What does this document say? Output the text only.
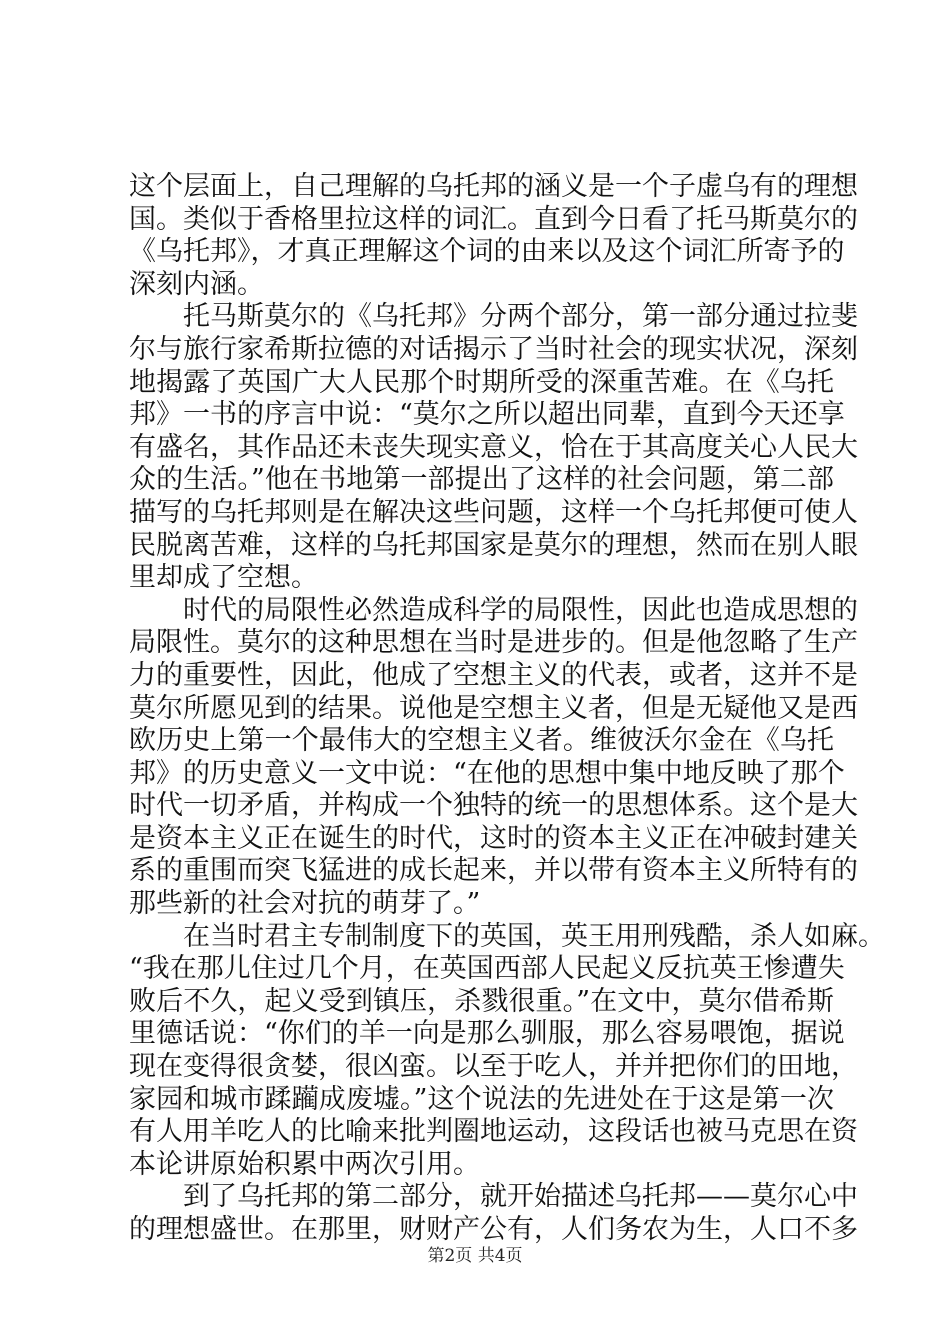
这个层面上，自己理解的乌托邦的涵义是一个子虚乌有的理想
国。类似于香格里拉这样的词汇。直到今日看了托马斯莫尔的
《乌托邦》，才真正理解这个词的由来以及这个词汇所寄予的
深刻内涵。
托马斯莫尔的《乌托邦》分两个部分，第一部分通过拉斐
尔与旅行家希斯拉德的对话揭示了当时社会的现实状况，深刻
地揭露了英国广大人民那个时期所受的深重苦难。在《乌托
邦》一书的序言中说：“莫尔之所以超出同辈，直到今天还享
有盛名，其作品还未丧失现实意义，恰在于其高度关心人民大
众的生活。”他在书地第一部提出了这样的社会问题，第二部
描写的乌托邦则是在解决这些问题，这样一个乌托邦便可使人
民脱离苦难，这样的乌托邦国家是莫尔的理想，然而在别人眼
里却成了空想。
时代的局限性必然造成科学的局限性，因此也造成思想的
局限性。莫尔的这种思想在当时是进步的。但是他忽略了生产
力的重要性，因此，他成了空想主义的代表，或者，这并不是
莫尔所愿见到的结果。说他是空想主义者，但是无疑他又是西
欧历史上第一个最伟大的空想主义者。维彼沃尔金在《乌托
邦》的历史意义一文中说：“在他的思想中集中地反映了那个
时代一切矛盾，并构成一个独特的统一的思想体系。这个是大
是资本主义正在诞生的时代，这时的资本主义正在冲破封建关
系的重围而突飞猛进的成长起来，并以带有资本主义所特有的
那些新的社会对抗的萌芽了。”
在当时君主专制制度下的英国，英王用刑残酷，杀人如麻。
“我在那儿住过几个月，在英国西部人民起义反抗英王惨遭失
败后不久，起义受到镇压，杀戮很重。”在文中，莫尔借希斯
里德话说：“你们的羊一向是那么驯服，那么容易喂饱，据说
现在变得很贪婪，很凶蛮。以至于吃人，并并把你们的田地，
家园和城市蹂躏成废墟。”这个说法的先进处在于这是第一次
有人用羊吃人的比喻来批判圈地运动，这段话也被马克思在资
本论讲原始积累中两次引用。
到了乌托邦的第二部分，就开始描述乌托邦——莫尔心中
的理想盛世。在那里，财财产公有，人们务农为生，人口不多
第2页 共4页
